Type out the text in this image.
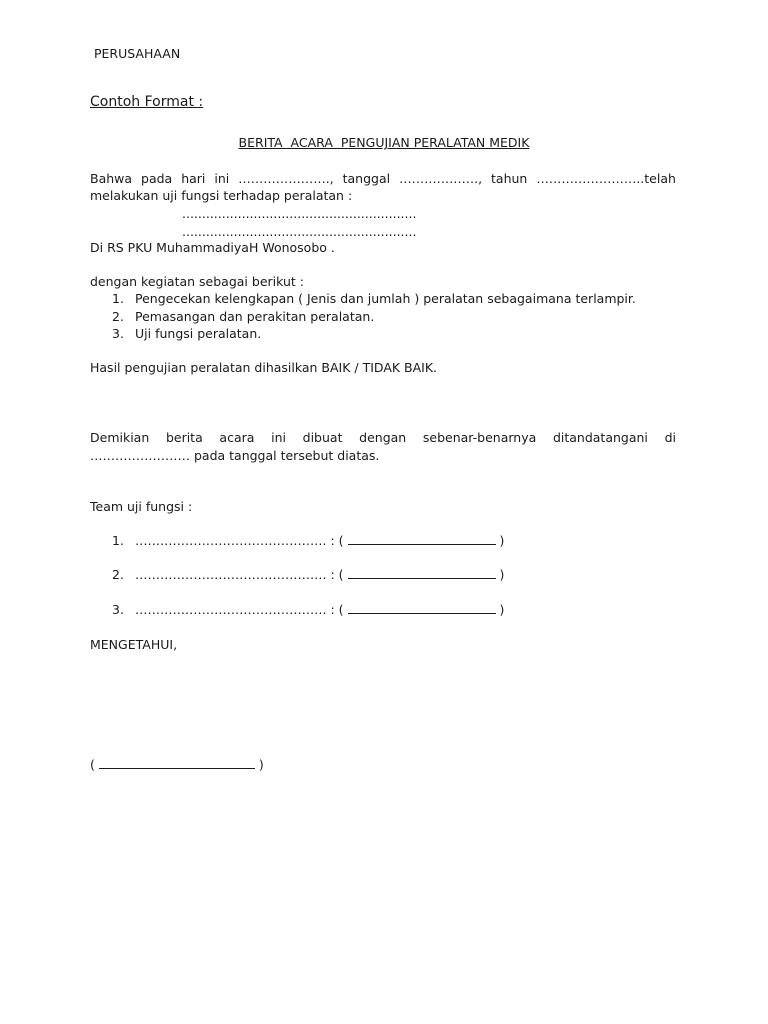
PERUSAHAAN
Contoh Format :
BERITA  ACARA  PENGUJIAN PERALATAN MEDIK
Bahwa pada hari ini …………………., tanggal ………………., tahun ……………………..telah
melakukan uji fungsi terhadap peralatan :
...........................................................
...........................................................
Di RS PKU MuhammadiyaH Wonosobo .
dengan kegiatan sebagai berikut :
1. Pengecekan kelengkapan ( Jenis dan jumlah ) peralatan sebagaimana terlampir.
2. Pemasangan dan perakitan peralatan.
3. Uji fungsi peralatan.
Hasil pengujian peralatan dihasilkan BAIK / TIDAK BAIK.
Demikian berita acara ini dibuat dengan sebenar-benarnya ditandatangani di
…………………… pada tanggal tersebut diatas.
Team uji fungsi :
1. ………………………………………. : (	)
2. ………………………………………. : (	)
3. ………………………………………. : (	)
MENGETAHUI,
(	)
